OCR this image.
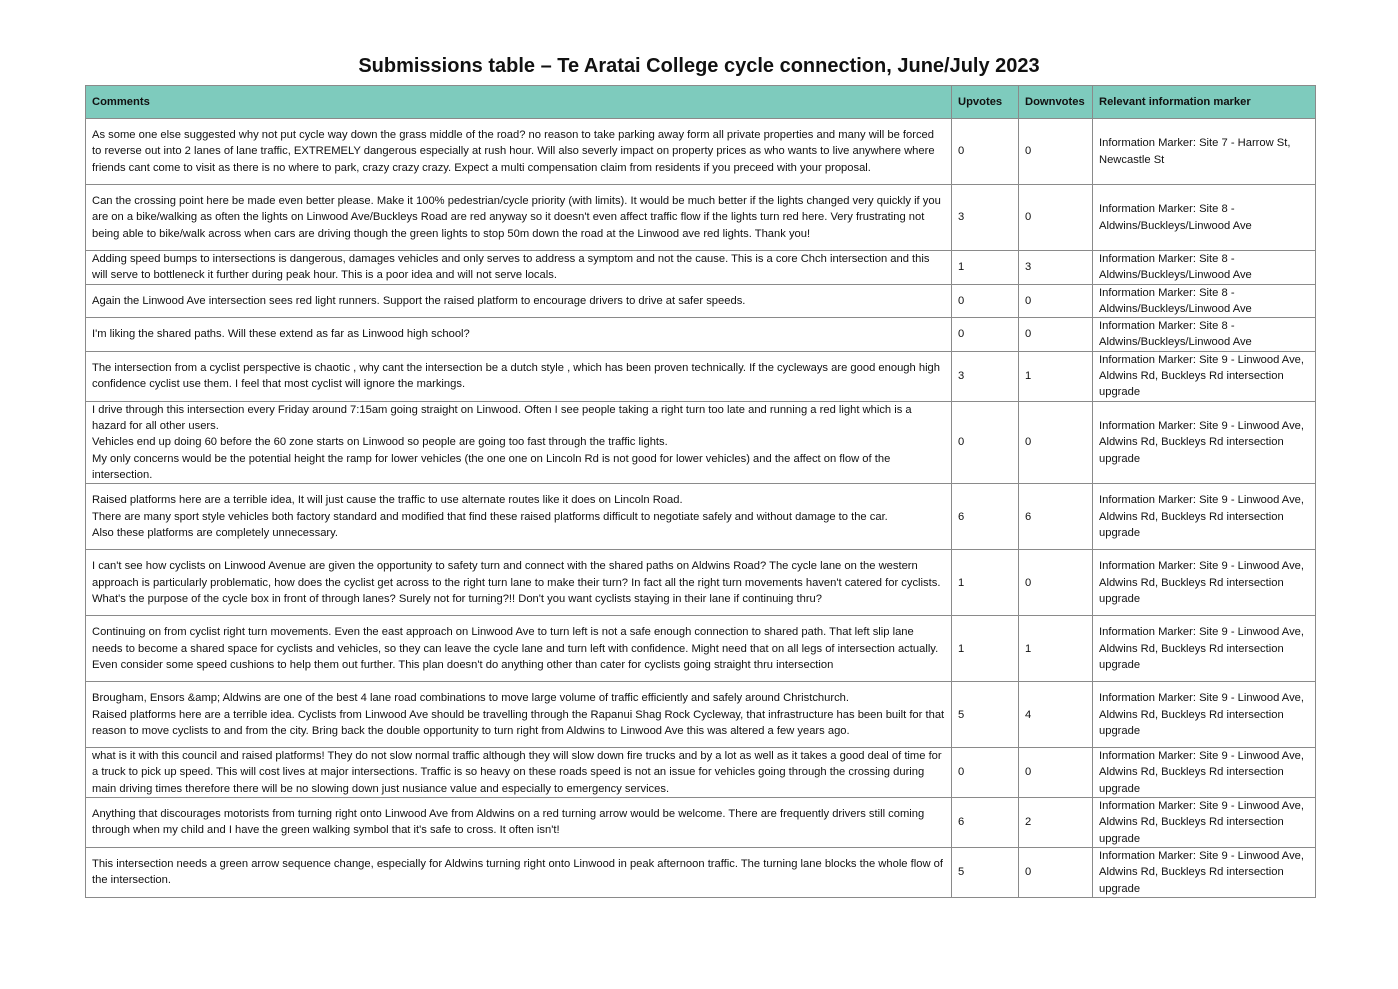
Submissions table – Te Aratai College cycle connection, June/July 2023
Comments	Upvotes	Downvotes	Relevant information marker
As some one else suggested why not put cycle way down the grass middle of the road? no reason to take parking away form all private properties and many will be forced to reverse out into 2 lanes of lane traffic, EXTREMELY dangerous especially at rush hour. Will also severly impact on property prices as who wants to live anywhere where friends cant come to visit as there is no where to park, crazy crazy crazy. Expect a multi compensation claim from residents if you preceed with your proposal.	0	0	Information Marker: Site 7 - Harrow St, Newcastle St
Can the crossing point here be made even better please. Make it 100% pedestrian/cycle priority (with limits). It would be much better if the lights changed very quickly if you are on a bike/walking as often the lights on Linwood Ave/Buckleys Road are red anyway so it doesn't even affect traffic flow if the lights turn red here. Very frustrating not being able to bike/walk across when cars are driving though the green lights to stop 50m down the road at the Linwood ave red lights. Thank you!	3	0	Information Marker: Site 8 - Aldwins/Buckleys/Linwood Ave
Adding speed bumps to intersections is dangerous, damages vehicles and only serves to address a symptom and not the cause. This is a core Chch intersection and this will serve to bottleneck it further during peak hour. This is a poor idea and will not serve locals.	1	3	Information Marker: Site 8 - Aldwins/Buckleys/Linwood Ave
Again the Linwood Ave intersection sees red light runners. Support the raised platform to encourage drivers to drive at safer speeds.	0	0	Information Marker: Site 8 - Aldwins/Buckleys/Linwood Ave
I'm liking the shared paths. Will these extend as far as Linwood high school?	0	0	Information Marker: Site 8 - Aldwins/Buckleys/Linwood Ave
The intersection from a cyclist perspective is chaotic , why cant the intersection be a dutch style , which has been proven technically. If the cycleways are good enough high confidence cyclist use them. I feel that most cyclist will ignore the markings.	3	1	Information Marker: Site 9 - Linwood Ave, Aldwins Rd, Buckleys Rd intersection upgrade
I drive through this intersection every Friday around 7:15am going straight on Linwood. Often I see people taking a right turn too late and running a red light which is a hazard for all other users.
Vehicles end up doing 60 before the 60 zone starts on Linwood so people are going too fast through the traffic lights.
My only concerns would be the potential height the ramp for lower vehicles (the one one on Lincoln Rd is not good for lower vehicles) and the affect on flow of the intersection.	0	0	Information Marker: Site 9 - Linwood Ave, Aldwins Rd, Buckleys Rd intersection upgrade
Raised platforms here are a terrible idea, It will just cause the traffic to use alternate routes like it does on Lincoln Road.
There are many sport style vehicles both factory standard and modified that find these raised platforms difficult to negotiate safely and without damage to the car.
Also these platforms are completely unnecessary.	6	6	Information Marker: Site 9 - Linwood Ave, Aldwins Rd, Buckleys Rd intersection upgrade
I can't see how cyclists on Linwood Avenue are given the opportunity to safety turn and connect with the shared paths on Aldwins Road? The cycle lane on the western approach is particularly problematic, how does the cyclist get across to the right turn lane to make their turn? In fact all the right turn movements haven't catered for cyclists. What's the purpose of the cycle box in front of through lanes? Surely not for turning?!! Don't you want cyclists staying in their lane if continuing thru?	1	0	Information Marker: Site 9 - Linwood Ave, Aldwins Rd, Buckleys Rd intersection upgrade
Continuing on from cyclist right turn movements. Even the east approach on Linwood Ave to turn left is not a safe enough connection to shared path. That left slip lane needs to become a shared space for cyclists and vehicles, so they can leave the cycle lane and turn left with confidence. Might need that on all legs of intersection actually. Even consider some speed cushions to help them out further. This plan doesn't do anything other than cater for cyclists going straight thru intersection	1	1	Information Marker: Site 9 - Linwood Ave, Aldwins Rd, Buckleys Rd intersection upgrade
Brougham, Ensors &amp; Aldwins are one of the best 4 lane road combinations to move large volume of traffic efficiently and safely around Christchurch.
Raised platforms here are a terrible idea. Cyclists from Linwood Ave should be travelling through the Rapanui Shag Rock Cycleway, that infrastructure has been built for that reason to move cyclists to and from the city. Bring back the double opportunity to turn right from Aldwins to Linwood Ave this was altered a few years ago.	5	4	Information Marker: Site 9 - Linwood Ave, Aldwins Rd, Buckleys Rd intersection upgrade
what is it with this council and raised platforms! They do not slow normal traffic although they will slow down fire trucks and by a lot as well as it takes a good deal of time for a truck to pick up speed. This will cost lives at major intersections. Traffic is so heavy on these roads speed is not an issue for vehicles going through the crossing during main driving times therefore there will be no slowing down just nusiance value and especially to emergency services.	0	0	Information Marker: Site 9 - Linwood Ave, Aldwins Rd, Buckleys Rd intersection upgrade
Anything that discourages motorists from turning right onto Linwood Ave from Aldwins on a red turning arrow would be welcome. There are frequently drivers still coming through when my child and I have the green walking symbol that it's safe to cross. It often isn't!	6	2	Information Marker: Site 9 - Linwood Ave, Aldwins Rd, Buckleys Rd intersection upgrade
This intersection needs a green arrow sequence change, especially for Aldwins turning right onto Linwood in peak afternoon traffic. The turning lane blocks the whole flow of the intersection.	5	0	Information Marker: Site 9 - Linwood Ave, Aldwins Rd, Buckleys Rd intersection upgrade
